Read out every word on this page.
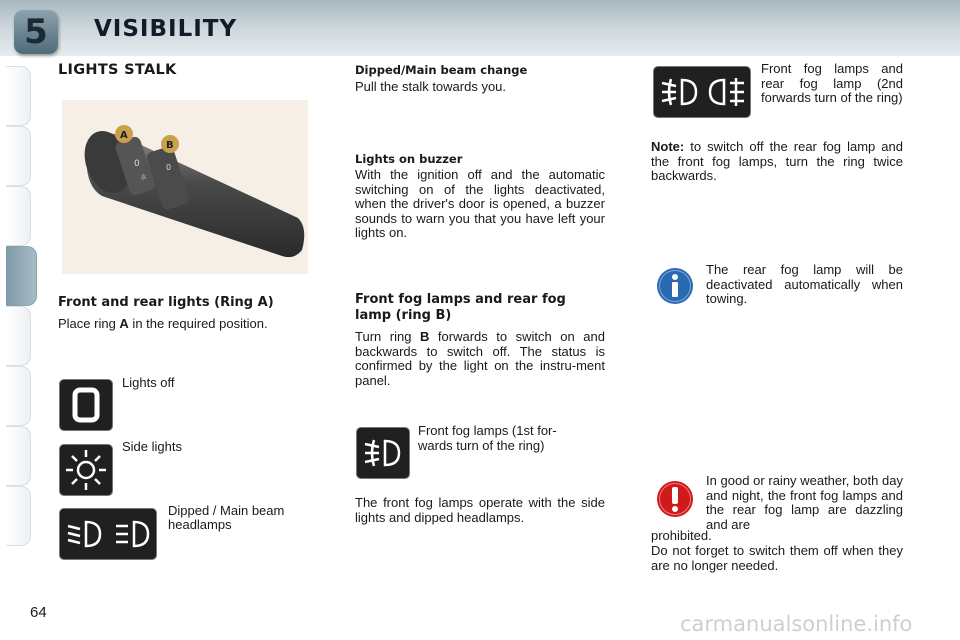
5	VISIBILITY
LIGHTS STALK
0
☼
0
A
B
Front and rear lights (Ring A)
Place ring A in the required position.
Lights off
Side lights
Dipped / Main beam
headlamps
Dipped/Main beam change
Pull the stalk towards you.
Lights on buzzer
With the ignition off and the automatic switching on of the lights deactivated, when the driver's door is opened, a buzzer sounds to warn you that you have left your lights on.
Front fog lamps and rear fog
lamp (ring B)
Turn ring B forwards to switch on and backwards to switch off. The status is confirmed by the light on the instru-ment panel.
Front fog lamps (1st for-wards turn of the ring)
The front fog lamps operate with the side lights and dipped headlamps.
Front fog lamps and rear fog lamp (2nd forwards turn of the ring)
Note: to switch off the rear fog lamp and the front fog lamps, turn the ring twice backwards.
The rear fog lamp will be deactivated automatically when towing.
In good or rainy weather, both day and night, the front fog lamps and the rear fog lamp are dazzling and are
prohibited.
Do not forget to switch them off when they are no longer needed.
64	carmanualsonline.info
